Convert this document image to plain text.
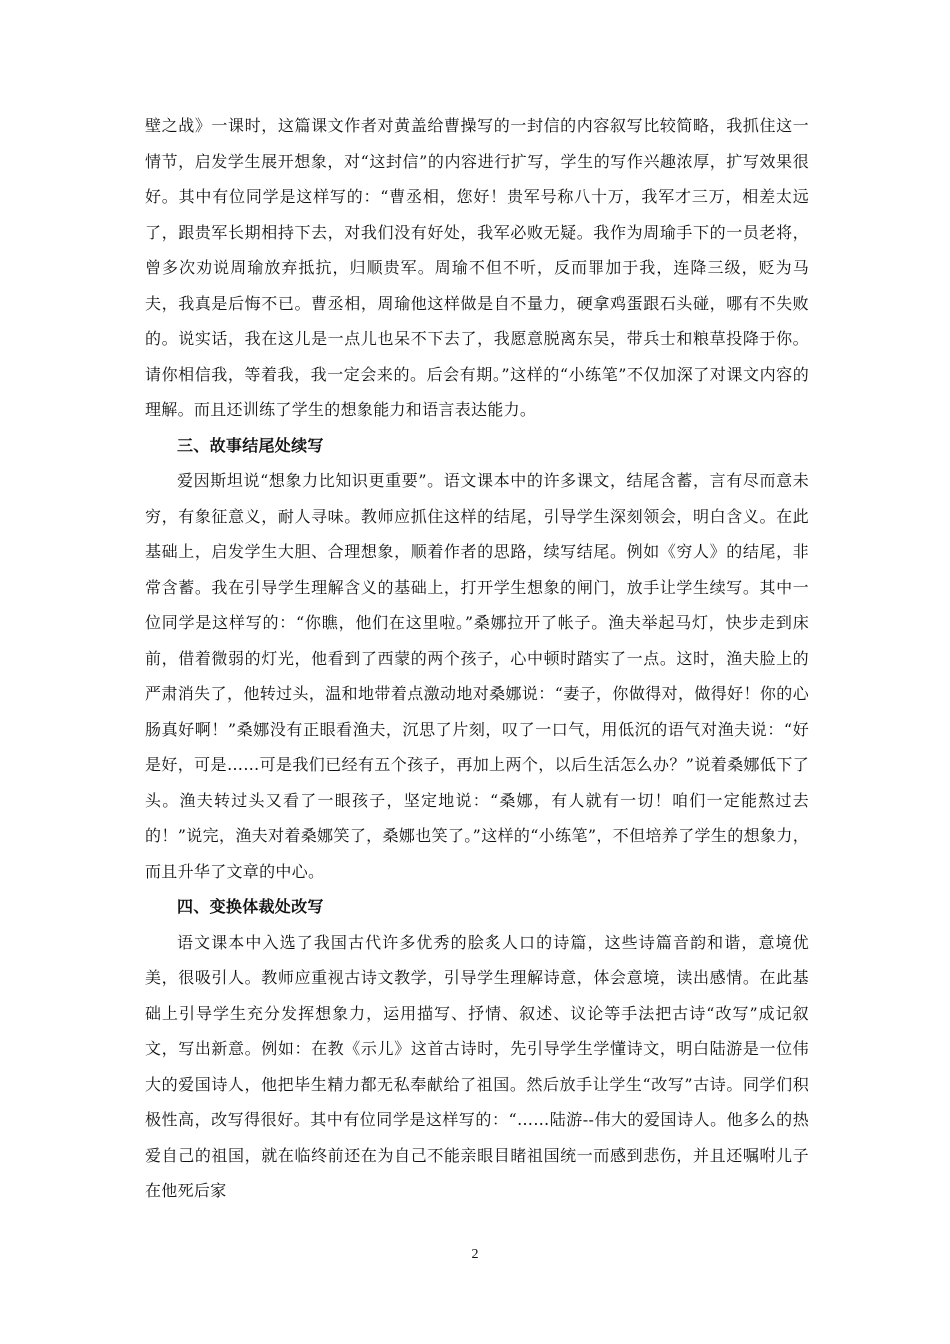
壁之战》一课时，这篇课文作者对黄盖给曹操写的一封信的内容叙写比较简略，我抓住这一情节，启发学生展开想象，对“这封信”的内容进行扩写，学生的写作兴趣浓厚，扩写效果很好。其中有位同学是这样写的：“曹丞相，您好！贵军号称八十万，我军才三万，相差太远了，跟贵军长期相持下去，对我们没有好处，我军必败无疑。我作为周瑜手下的一员老将，曾多次劝说周瑜放弃抵抗，归顺贵军。周瑜不但不听，反而罪加于我，连降三级，贬为马夫，我真是后悔不已。曹丞相，周瑜他这样做是自不量力，硬拿鸡蛋跟石头碰，哪有不失败的。说实话，我在这儿是一点儿也呆不下去了，我愿意脱离东吴，带兵士和粮草投降于你。请你相信我，等着我，我一定会来的。后会有期。”这样的“小练笔”不仅加深了对课文内容的理解。而且还训练了学生的想象能力和语言表达能力。

三、故事结尾处续写

爱因斯坦说“想象力比知识更重要”。语文课本中的许多课文，结尾含蓄，言有尽而意未穷，有象征意义，耐人寻味。教师应抓住这样的结尾，引导学生深刻领会，明白含义。在此基础上，启发学生大胆、合理想象，顺着作者的思路，续写结尾。例如《穷人》的结尾，非常含蓄。我在引导学生理解含义的基础上，打开学生想象的闸门，放手让学生续写。其中一位同学是这样写的：“你瞧，他们在这里啦。”桑娜拉开了帐子。渔夫举起马灯，快步走到床前，借着微弱的灯光，他看到了西蒙的两个孩子，心中顿时踏实了一点。这时，渔夫脸上的严肃消失了，他转过头，温和地带着点激动地对桑娜说：“妻子，你做得对，做得好！你的心肠真好啊！”桑娜没有正眼看渔夫，沉思了片刻，叹了一口气，用低沉的语气对渔夫说：“好是好，可是……可是我们已经有五个孩子，再加上两个，以后生活怎么办？”说着桑娜低下了头。渔夫转过头又看了一眼孩子，坚定地说：“桑娜，有人就有一切！咱们一定能熬过去的！”说完，渔夫对着桑娜笑了，桑娜也笑了。”这样的“小练笔”，不但培养了学生的想象力，而且升华了文章的中心。

四、变换体裁处改写

语文课本中入选了我国古代许多优秀的脍炙人口的诗篇，这些诗篇音韵和谐，意境优美，很吸引人。教师应重视古诗文教学，引导学生理解诗意，体会意境，读出感情。在此基础上引导学生充分发挥想象力，运用描写、抒情、叙述、议论等手法把古诗“改写”成记叙文，写出新意。例如：在教《示儿》这首古诗时，先引导学生学懂诗文，明白陆游是一位伟大的爱国诗人，他把毕生精力都无私奉献给了祖国。然后放手让学生“改写”古诗。同学们积极性高，改写得很好。其中有位同学是这样写的：“……陆游--伟大的爱国诗人。他多么的热爱自己的祖国，就在临终前还在为自己不能亲眼目睹祖国统一而感到悲伤，并且还嘱咐儿子在他死后家

2
